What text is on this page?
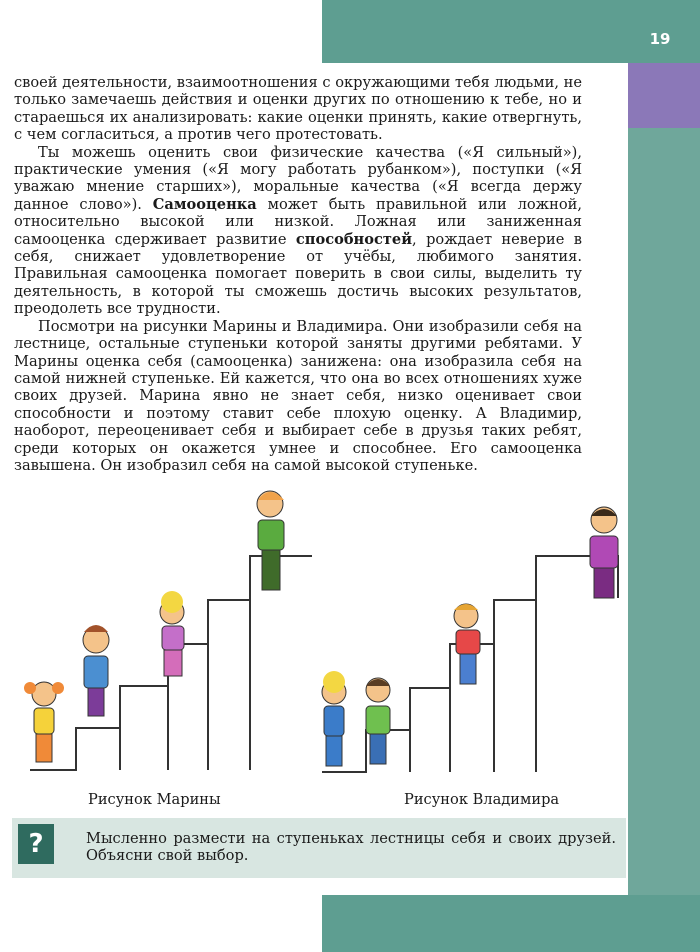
19

своей деятельности, взаимоотношения с окружающими тебя людьми, не только замечаешь действия и оценки других по отношению к тебе, но и стараешься их анализировать: какие оценки принять, какие отвергнуть, с чем согласиться, а против чего протестовать.

Ты можешь оценить свои физические качества («Я сильный»), практические умения («Я могу работать рубанком»), поступки («Я уважаю мнение старших»), моральные качества («Я всегда держу данное слово»). Самооценка может быть правильной или ложной, относительно высокой или низкой. Ложная или заниженная самооценка сдерживает развитие способностей, рождает неверие в себя, снижает удовлетворение от учёбы, любимого занятия. Правильная самооценка помогает поверить в свои силы, выделить ту деятельность, в которой ты сможешь достичь высоких результатов, преодолеть все трудности.

Посмотри на рисунки Марины и Владимира. Они изобразили себя на лестнице, остальные ступеньки которой заняты другими ребятами. У Марины оценка себя (самооценка) занижена: она изобразила себя на самой нижней ступеньке. Ей кажется, что она во всех отношениях хуже своих друзей. Марина явно не знает себя, низко оценивает свои способности и поэтому ставит себе плохую оценку. А Владимир, наоборот, переоценивает себя и выбирает себе в друзья таких ребят, среди которых он окажется умнее и способнее. Его самооценка завышена. Он изобразил себя на самой высокой ступеньке.

Рисунок Марины	Рисунок Владимира
?	Мысленно размести на ступеньках лестницы себя и своих друзей. Объясни свой выбор.
